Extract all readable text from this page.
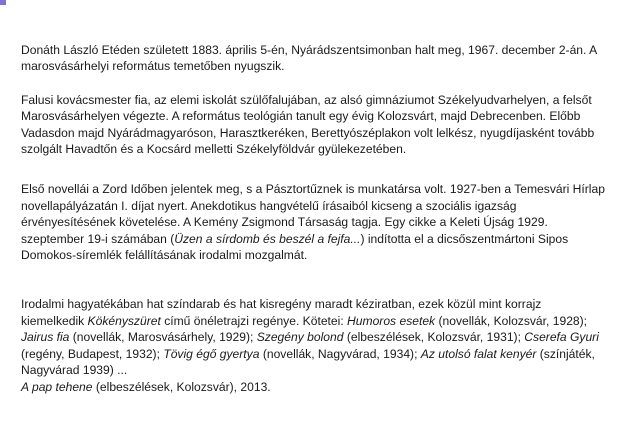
Donáth László Etéden született 1883. április 5-én, Nyárádszentsimonban halt meg, 1967. december 2-án. A marosvásárhelyi református temetőben nyugszik.

Falusi kovácsmester fia, az elemi iskolát szülőfalujában, az alsó gimnáziumot Székelyudvarhelyen, a felsőt Marosvásárhelyen végezte. A református teológián tanult egy évig Kolozsvárt, majd Debrecenben. Előbb Vadasdon majd Nyárádmagyaróson, Harasztkeréken, Berettyószéplakon volt lelkész, nyugdíjasként tovább szolgált Havadtőn és a Kocsárd melletti Székelyföldvár gyülekezetében.

Első novellái a Zord Időben jelentek meg, s a Pásztortűznek is munkatársa volt. 1927-ben a Temesvári Hírlap novellapályázatán I. díjat nyert. Anekdotikus hangvételű írásaiból kicseng a szociális igazság érvényesítésének követelése. A Kemény Zsigmond Társaság tagja. Egy cikke a Keleti Újság 1929. szeptember 19-i számában (Üzen a sírdomb és beszél a fejfa...) indította el a dicsőszentmártoni Sipos Domokos-síremlék felállításának irodalmi mozgalmát.

Irodalmi hagyatékában hat színdarab és hat kisregény maradt kéziratban, ezek közül mint korrajz kiemelkedik Kökényszüret című önéletrajzi regénye. Kötetei: Humoros esetek (novellák, Kolozsvár, 1928); Jairus fia (novellák, Marosvásárhely, 1929); Szegény bolond (elbeszélések, Kolozsvár, 1931); Cserefa Gyuri (regény, Budapest, 1932); Tövig égő gyertya (novellák, Nagyvárad, 1934); Az utolsó falat kenyér (színjáték, Nagyvárad 1939) ...
A pap tehene (elbeszélések, Kolozsvár), 2013.
